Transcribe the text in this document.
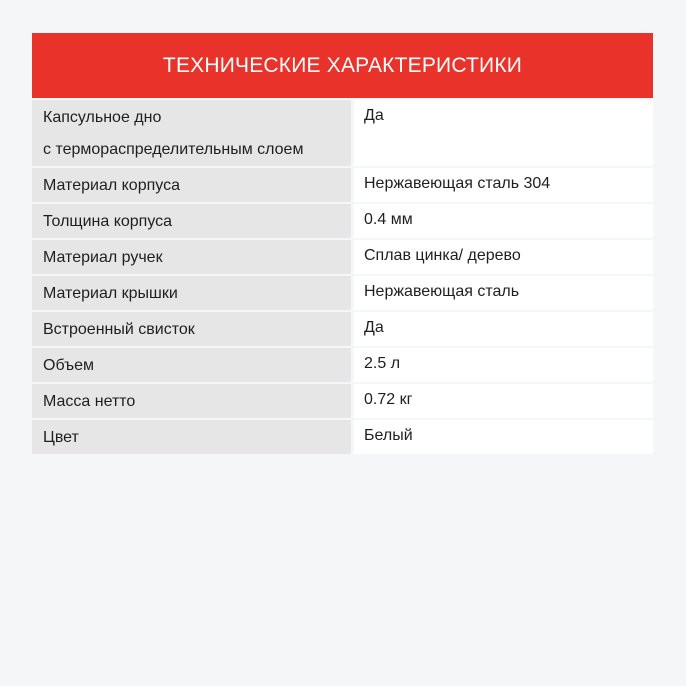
ТЕХНИЧЕСКИЕ ХАРАКТЕРИСТИКИ
Капсульное дно
с термораспределительным слоем		Да
Материал корпуса		Нержавеющая сталь 304
Толщина корпуса		0.4 мм
Материал ручек		Сплав цинка/ дерево
Материал крышки		Нержавеющая сталь
Встроенный свисток		Да
Объем		2.5 л
Масса нетто		0.72 кг
Цвет		Белый
